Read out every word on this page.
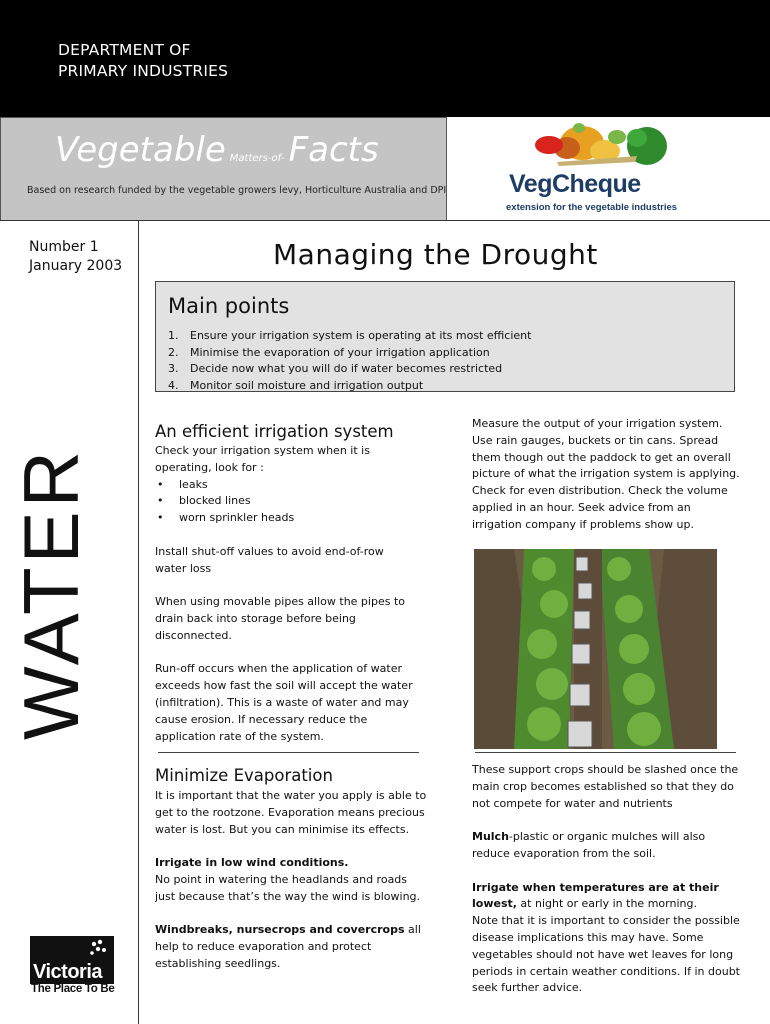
DEPARTMENT OF
PRIMARY INDUSTRIES
Vegetable Matters-of- Facts
Based on research funded by the vegetable growers levy, Horticulture Australia and DPI	VegCheque
extension for the vegetable industries
Number 1
January 2003	Managing the Drought
Main points
1. Ensure your irrigation system is operating at its most efficient
2. Minimise the evaporation of your irrigation application
3. Decide now what you will do if water becomes restricted
4. Monitor soil moisture and irrigation output
WATER
An efficient irrigation system

Check your irrigation system when it is operating, look for :

• leaks
• blocked lines
• worn sprinkler heads

Install shut-off values to avoid end-of-row water loss

When using movable pipes allow the pipes to drain back into storage before being disconnected.

Run-off occurs when the application of water exceeds how fast the soil will accept the water (infiltration). This is a waste of water and may cause erosion. If necessary reduce the application rate of the system.

Minimize Evaporation

It is important that the water you apply is able to get to the rootzone. Evaporation means precious water is lost. But you can minimise its effects.

Irrigate in low wind conditions.
No point in watering the headlands and roads just because that’s the way the wind is blowing.

Windbreaks, nursecrops and covercrops all help to reduce evaporation and protect establishing seedlings.

Measure the output of your irrigation system. Use rain gauges, buckets or tin cans. Spread them though out the paddock to get an overall picture of what the irrigation system is applying.

Check for even distribution. Check the volume applied in an hour. Seek advice from an irrigation company if problems show up.

These support crops should be slashed once the main crop becomes established so that they do not compete for water and nutrients

Mulch-plastic or organic mulches will also reduce evaporation from the soil.

Irrigate when temperatures are at their lowest, at night or early in the morning.

Note that it is important to consider the possible disease implications this may have. Some vegetables should not have wet leaves for long periods in certain weather conditions. If in doubt seek further advice.

Victoria
The Place To Be
